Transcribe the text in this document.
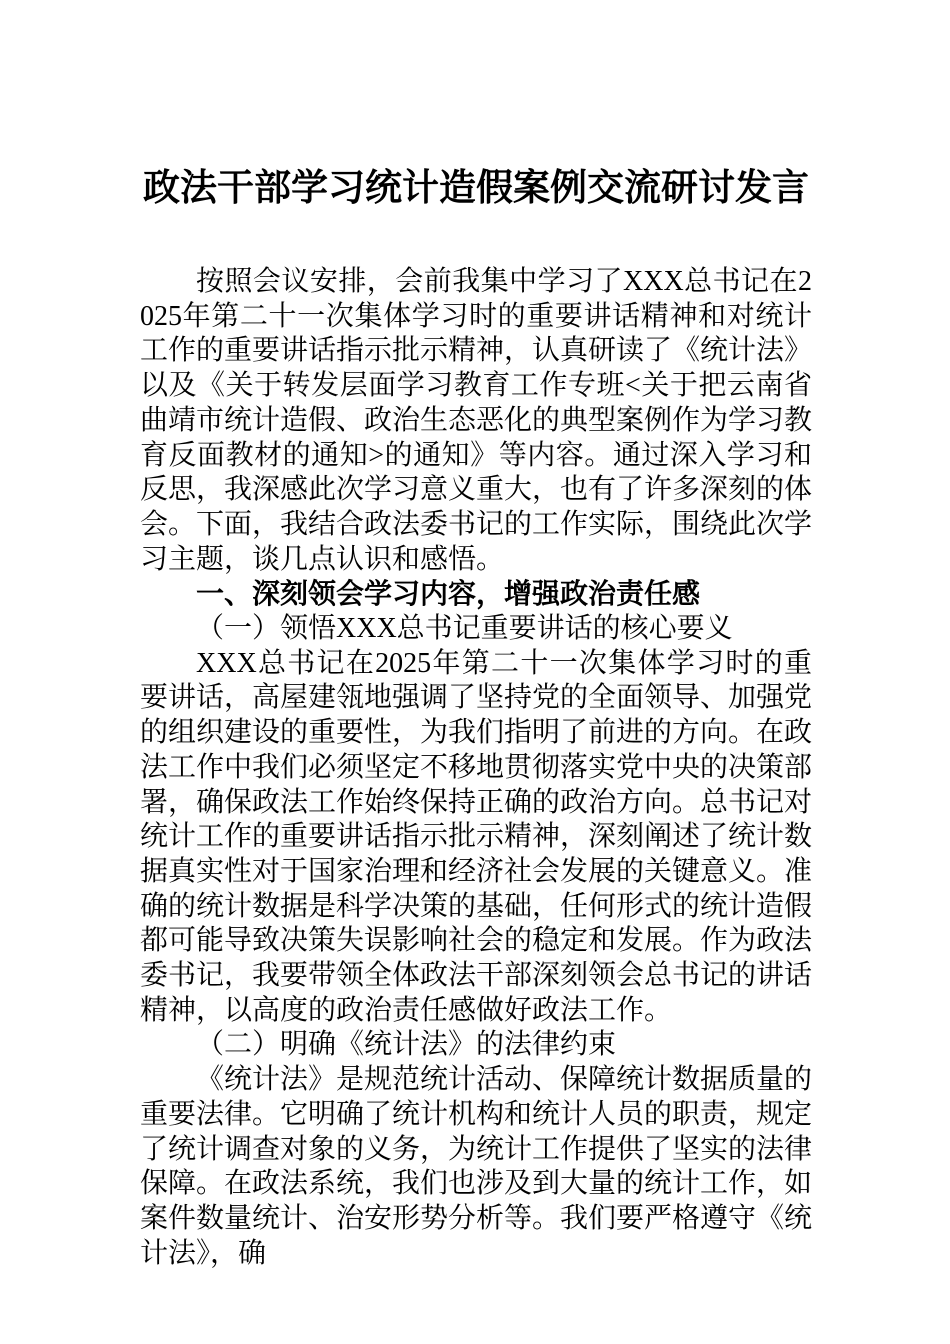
政法干部学习统计造假案例交流研讨发言

按照会议安排，会前我集中学习了XXX总书记在2025年第二十一次集体学习时的重要讲话精神和对统计工作的重要讲话指示批示精神，认真研读了《统计法》以及《关于转发层面学习教育工作专班<关于把云南省曲靖市统计造假、政治生态恶化的典型案例作为学习教育反面教材的通知>的通知》等内容。通过深入学习和反思，我深感此次学习意义重大，也有了许多深刻的体会。下面，我结合政法委书记的工作实际，围绕此次学习主题，谈几点认识和感悟。

一、深刻领会学习内容，增强政治责任感

（一）领悟XXX总书记重要讲话的核心要义

XXX总书记在2025年第二十一次集体学习时的重要讲话，高屋建瓴地强调了坚持党的全面领导、加强党的组织建设的重要性，为我们指明了前进的方向。在政法工作中我们必须坚定不移地贯彻落实党中央的决策部署，确保政法工作始终保持正确的政治方向。总书记对统计工作的重要讲话指示批示精神，深刻阐述了统计数据真实性对于国家治理和经济社会发展的关键意义。准确的统计数据是科学决策的基础，任何形式的统计造假都可能导致决策失误影响社会的稳定和发展。作为政法委书记，我要带领全体政法干部深刻领会总书记的讲话精神，以高度的政治责任感做好政法工作。

（二）明确《统计法》的法律约束

《统计法》是规范统计活动、保障统计数据质量的重要法律。它明确了统计机构和统计人员的职责，规定了统计调查对象的义务，为统计工作提供了坚实的法律保障。在政法系统，我们也涉及到大量的统计工作，如案件数量统计、治安形势分析等。我们要严格遵守《统计法》，确
